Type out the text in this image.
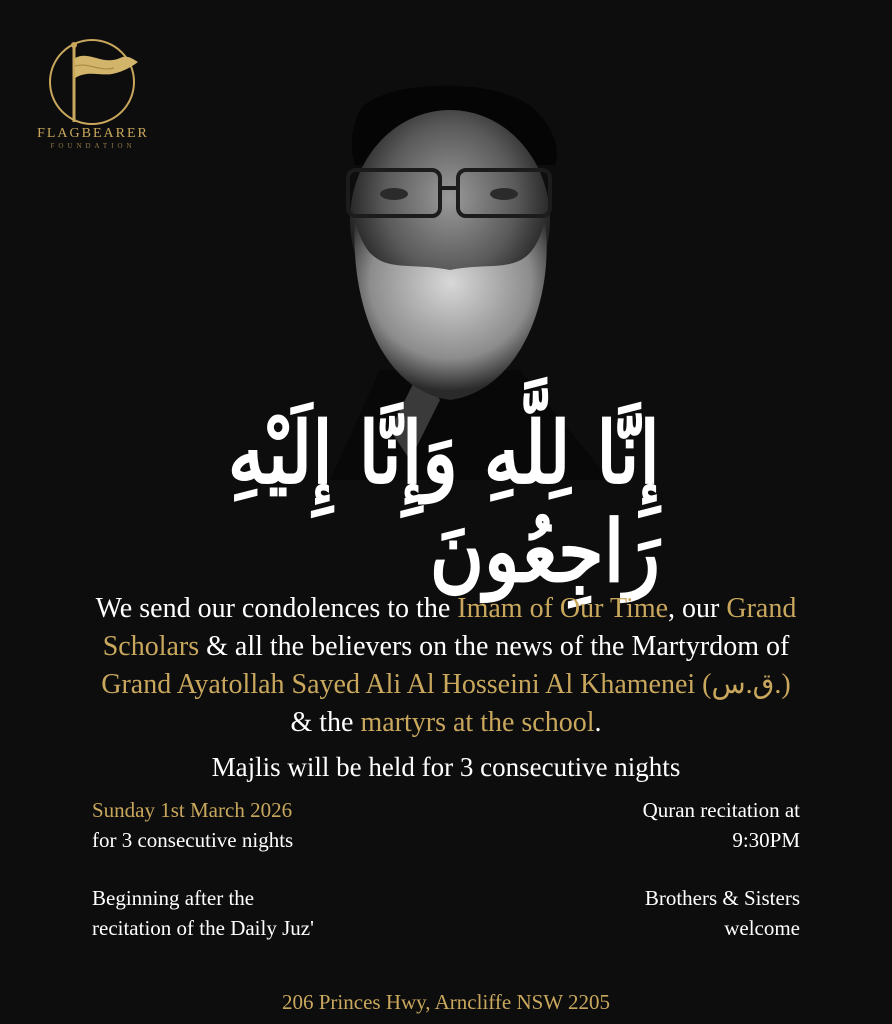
FLAGBEARER
FOUNDATION
إِنَّا لِلَّهِ وَإِنَّا إِلَيْهِ رَاجِعُونَ
We send our condolences to the Imam of Our Time, our Grand
Scholars & all the believers on the news of the Martyrdom of
Grand Ayatollah Sayed Ali Al Hosseini Al Khamenei (ق.س.)
& the martyrs at the school.
Majlis will be held for 3 consecutive nights
Sunday 1st March 2026
for 3 consecutive nights
Beginning after the
recitation of the Daily Juz'
Quran recitation at
9:30PM
Brothers & Sisters
welcome
206 Princes Hwy, Arncliffe NSW 2205
